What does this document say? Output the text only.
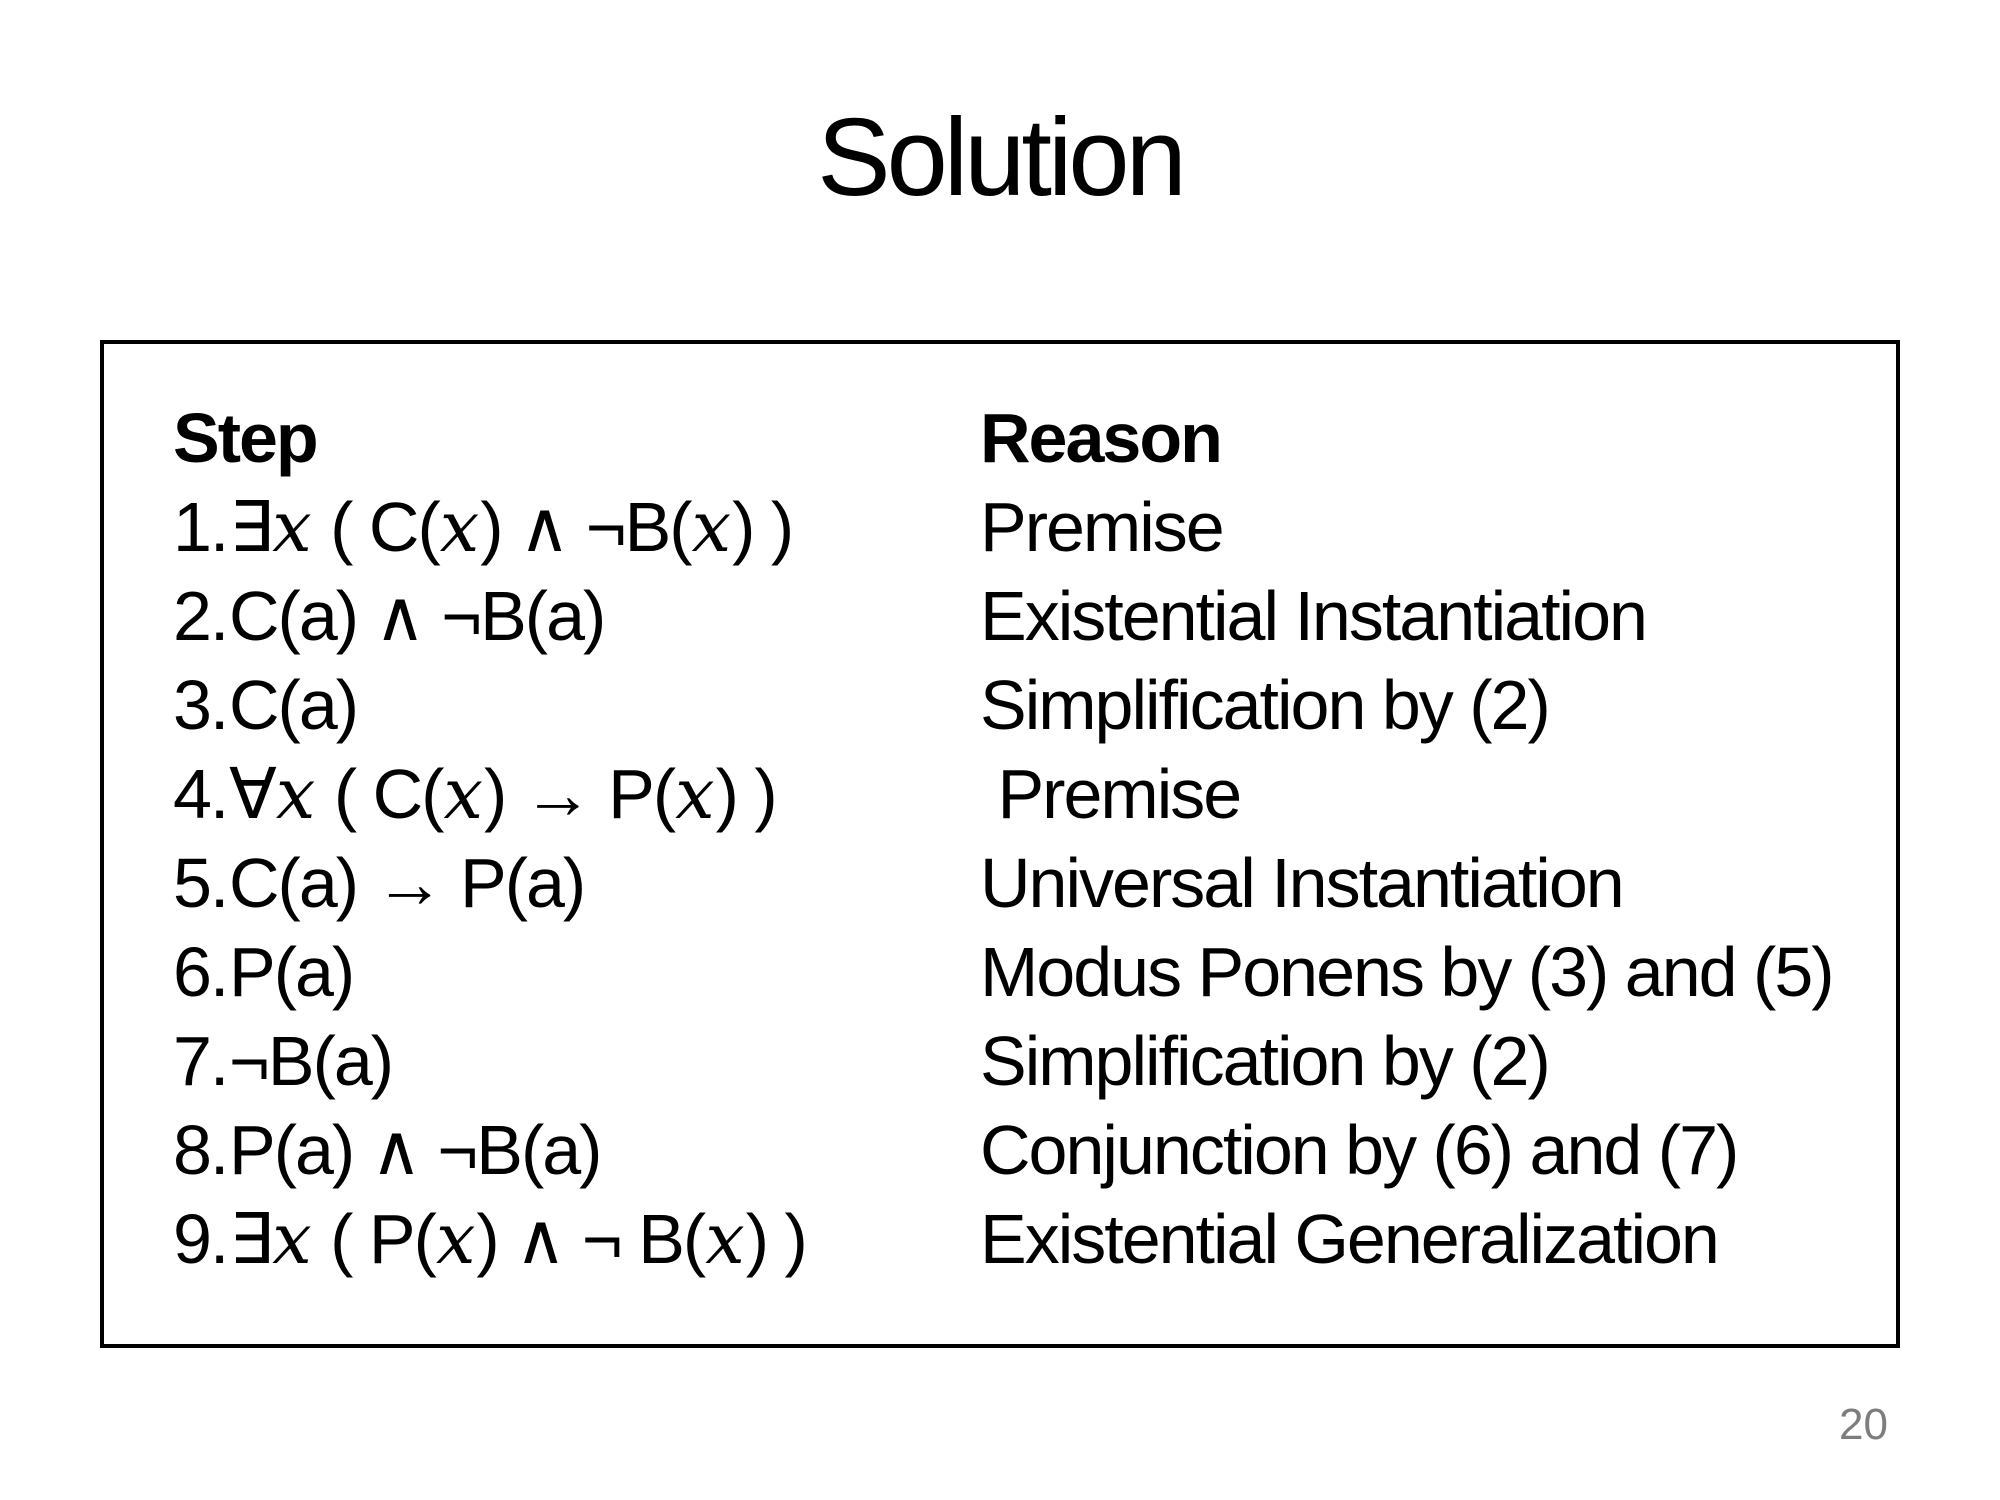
Solution
Step	Reason
1. ∃x ( C(x) ∧ ¬B(x) )	Premise
2. C(a) ∧ ¬B(a)	Existential Instantiation
3. C(a)	Simplification by (2)
4. ∀x ( C(x) → P(x) )	Premise
5. C(a) → P(a)	Universal Instantiation
6. P(a)	Modus Ponens by (3) and (5)
7. ¬B(a)	Simplification by (2)
8. P(a) ∧ ¬B(a)	Conjunction by (6) and (7)
9. ∃x ( P(x) ∧ ¬ B(x) )	Existential Generalization
20
